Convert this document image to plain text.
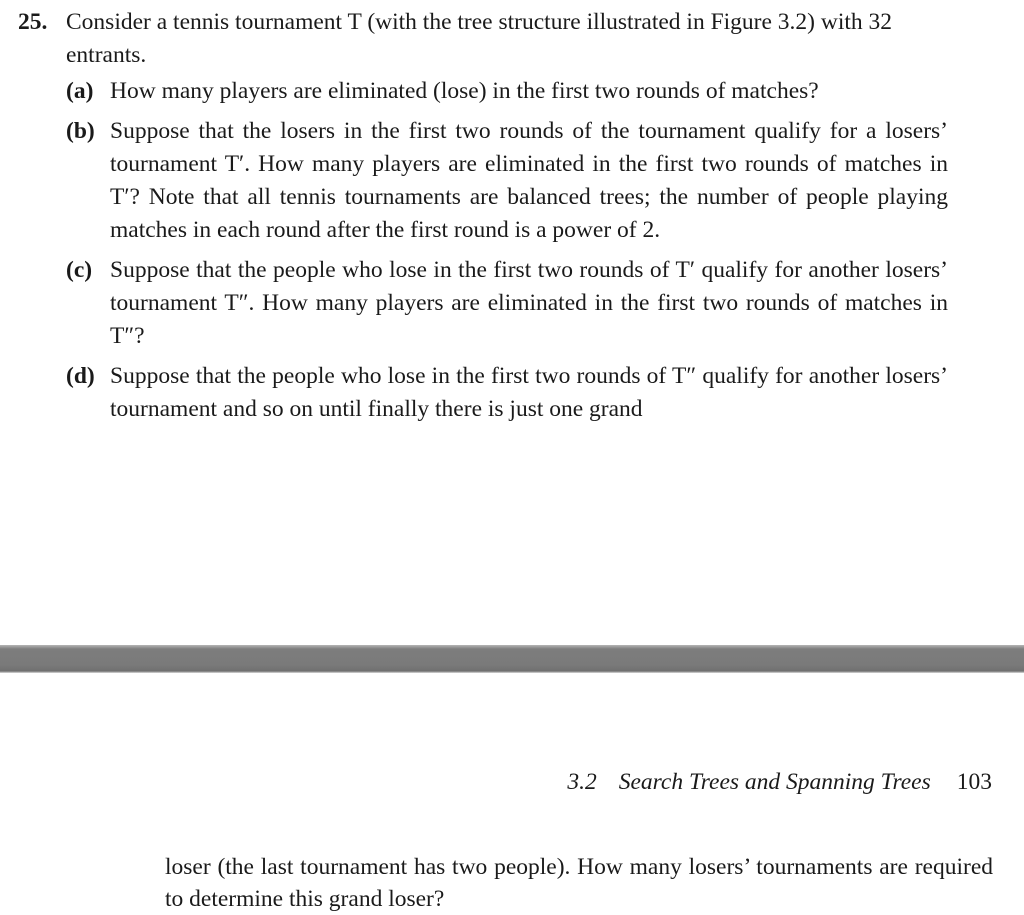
25. Consider a tennis tournament T (with the tree structure illustrated in Figure 3.2) with 32 entrants.
(a) How many players are eliminated (lose) in the first two rounds of matches?
(b) Suppose that the losers in the first two rounds of the tournament qualify for a losers’ tournament T′. How many players are eliminated in the first two rounds of matches in T′? Note that all tennis tournaments are balanced trees; the number of people playing matches in each round after the first round is a power of 2.
(c) Suppose that the people who lose in the first two rounds of T′ qualify for another losers’ tournament T″. How many players are eliminated in the first two rounds of matches in T″?
(d) Suppose that the people who lose in the first two rounds of T″ qualify for another losers’ tournament and so on until finally there is just one grand
3.2 Search Trees and Spanning Trees 103
loser (the last tournament has two people). How many losers’ tournaments are required to determine this grand loser?
